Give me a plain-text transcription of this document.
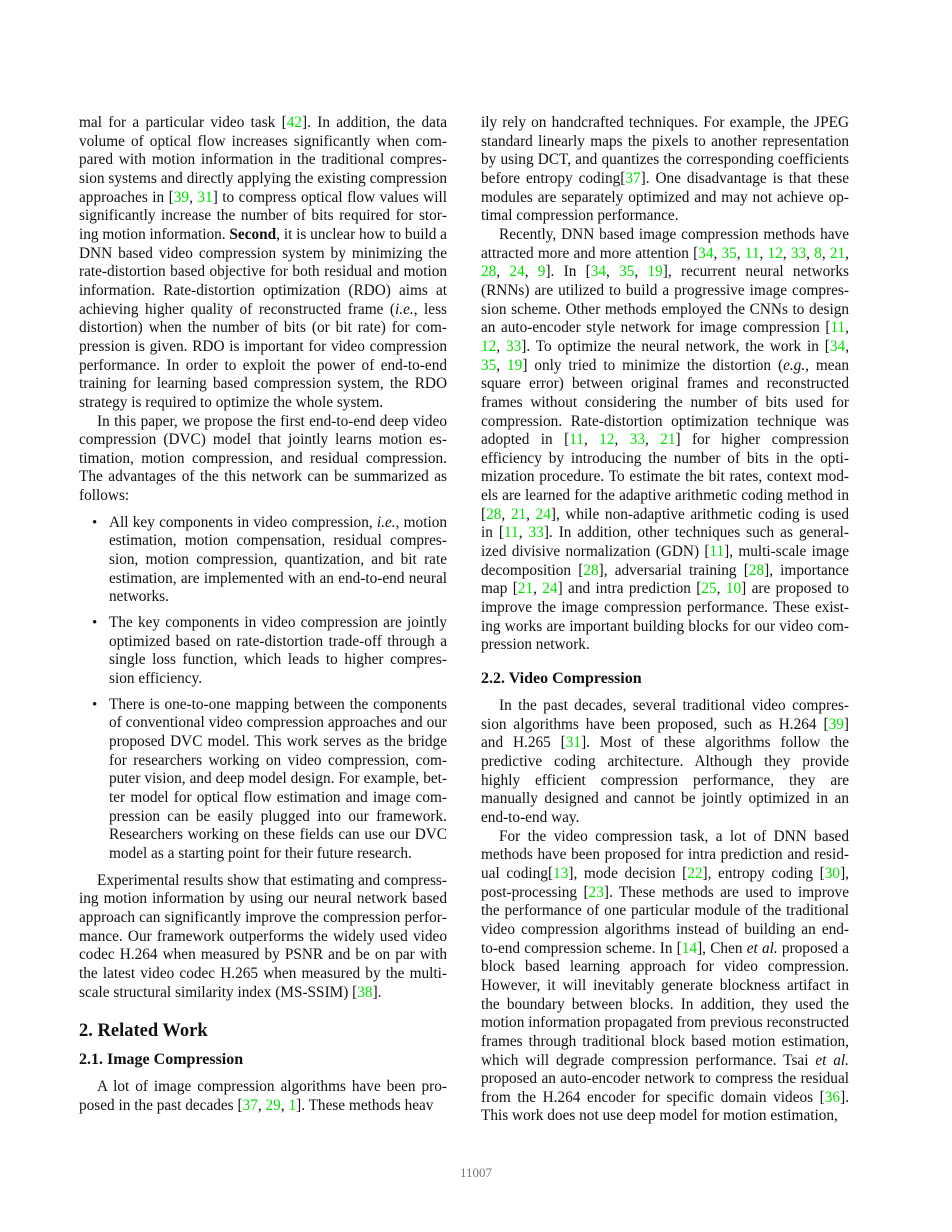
mal for a particular video task [42]. In addition, the data volume of optical flow increases significantly when compared with motion information in the traditional compression systems and directly applying the existing compression approaches in [39, 31] to compress optical flow values will significantly increase the number of bits required for storing motion information. Second, it is unclear how to build a DNN based video compression system by minimizing the rate-distortion based objective for both residual and motion information. Rate-distortion optimization (RDO) aims at achieving higher quality of reconstructed frame (i.e., less distortion) when the number of bits (or bit rate) for compression is given. RDO is important for video compression performance. In order to exploit the power of end-to-end training for learning based compression system, the RDO strategy is required to optimize the whole system.

In this paper, we propose the first end-to-end deep video compression (DVC) model that jointly learns motion estimation, motion compression, and residual compression. The advantages of the this network can be summarized as follows:

• All key components in video compression, i.e., motion estimation, motion compensation, residual compression, motion compression, quantization, and bit rate estimation, are implemented with an end-to-end neural networks.
• The key components in video compression are jointly optimized based on rate-distortion trade-off through a single loss function, which leads to higher compression efficiency.
• There is one-to-one mapping between the components of conventional video compression approaches and our proposed DVC model. This work serves as the bridge for researchers working on video compression, computer vision, and deep model design. For example, better model for optical flow estimation and image compression can be easily plugged into our framework. Researchers working on these fields can use our DVC model as a starting point for their future research.

Experimental results show that estimating and compressing motion information by using our neural network based approach can significantly improve the compression performance. Our framework outperforms the widely used video codec H.264 when measured by PSNR and be on par with the latest video codec H.265 when measured by the multi-scale structural similarity index (MS-SSIM) [38].

2. Related Work
2.1. Image Compression

A lot of image compression algorithms have been proposed in the past decades [37, 29, 1]. These methods heav

ily rely on handcrafted techniques. For example, the JPEG standard linearly maps the pixels to another representation by using DCT, and quantizes the corresponding coefficients before entropy coding[37]. One disadvantage is that these modules are separately optimized and may not achieve optimal compression performance.

Recently, DNN based image compression methods have attracted more and more attention [34, 35, 11, 12, 33, 8, 21, 28, 24, 9]. In [34, 35, 19], recurrent neural networks (RNNs) are utilized to build a progressive image compression scheme. Other methods employed the CNNs to design an auto-encoder style network for image compression [11, 12, 33]. To optimize the neural network, the work in [34, 35, 19] only tried to minimize the distortion (e.g., mean square error) between original frames and reconstructed frames without considering the number of bits used for compression. Rate-distortion optimization technique was adopted in [11, 12, 33, 21] for higher compression efficiency by introducing the number of bits in the optimization procedure. To estimate the bit rates, context models are learned for the adaptive arithmetic coding method in [28, 21, 24], while non-adaptive arithmetic coding is used in [11, 33]. In addition, other techniques such as generalized divisive normalization (GDN) [11], multi-scale image decomposition [28], adversarial training [28], importance map [21, 24] and intra prediction [25, 10] are proposed to improve the image compression performance. These existing works are important building blocks for our video compression network.

2.2. Video Compression

In the past decades, several traditional video compression algorithms have been proposed, such as H.264 [39] and H.265 [31]. Most of these algorithms follow the predictive coding architecture. Although they provide highly efficient compression performance, they are manually designed and cannot be jointly optimized in an end-to-end way.

For the video compression task, a lot of DNN based methods have been proposed for intra prediction and residual coding[13], mode decision [22], entropy coding [30], post-processing [23]. These methods are used to improve the performance of one particular module of the traditional video compression algorithms instead of building an end-to-end compression scheme. In [14], Chen et al. proposed a block based learning approach for video compression. However, it will inevitably generate blockness artifact in the boundary between blocks. In addition, they used the motion information propagated from previous reconstructed frames through traditional block based motion estimation, which will degrade compression performance. Tsai et al. proposed an auto-encoder network to compress the residual from the H.264 encoder for specific domain videos [36]. This work does not use deep model for motion estimation,

11007
